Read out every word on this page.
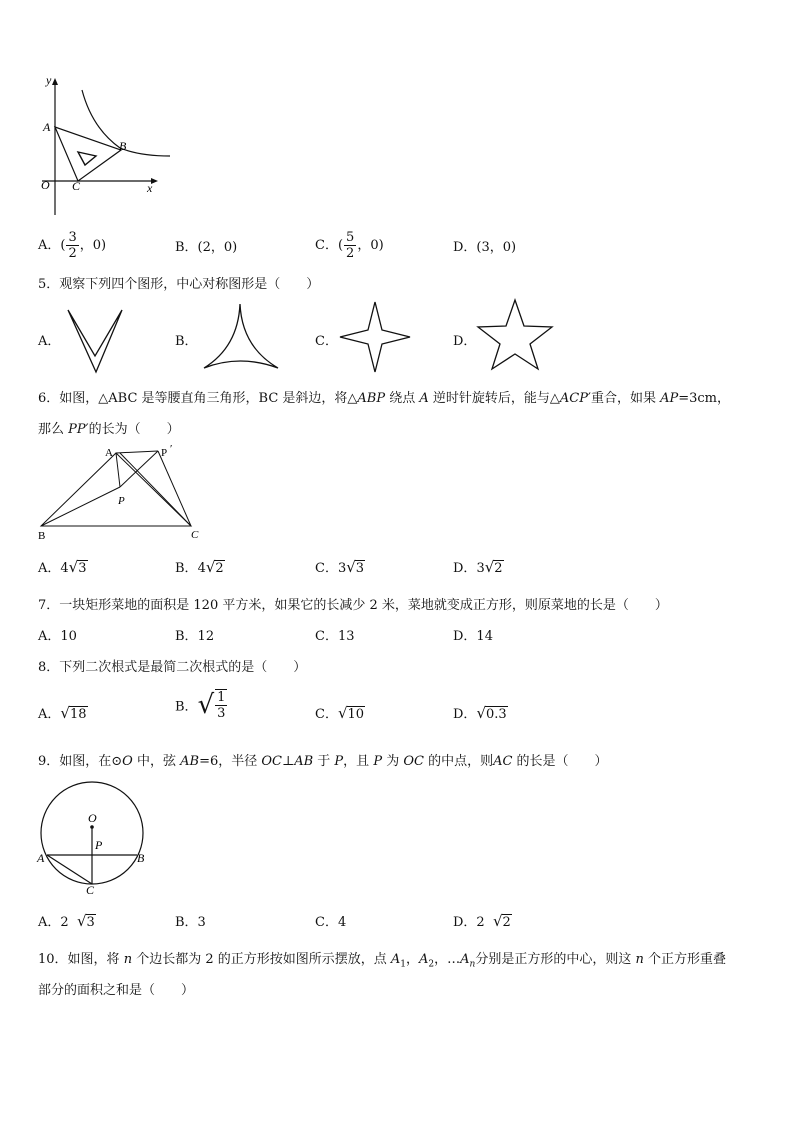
y
A
B
O C	x
A．( $\frac{3}{2}$ ，0)	B．(2，0)	C．( $\frac{5}{2}$ ，0)	D．(3，0)
5．观察下列四个图形，中心对称图形是（　　）
A．	B．	C．	D．
6．如图，△ABC 是等腰直角三角形，BC 是斜边，将△ABP 绕点 A 逆时针旋转后，能与△ACP′重合，如果 AP=3cm，
那么 PP′的长为（　　）
A	P ′
P
B	C
A．4√3	B．4√2	C．3√3	D．3√2
7．一块矩形菜地的面积是 120 平方米，如果它的长减少 2 米，菜地就变成正方形，则原菜地的长是（　　）
A．10	B．12	C．13	D．14
8．下列二次根式是最简二次根式的是（　　）
A．√18	B．√ $\frac{1}{3}$	C．√10	D．√0.3
9．如图，在⊙O 中，弦 AB=6，半径 OC⊥AB 于 P，且 P 为 OC 的中点，则AC 的长是（　　）
O
P
A	B
C
A．2 √3	B．3	C．4	D．2 √2
10．如图，将 n 个边长都为 2 的正方形按如图所示摆放，点 $A_1$，$A_2$，$\dots A_n$分别是正方形的中心，则这 n 个正方形重叠
部分的面积之和是（　　）
